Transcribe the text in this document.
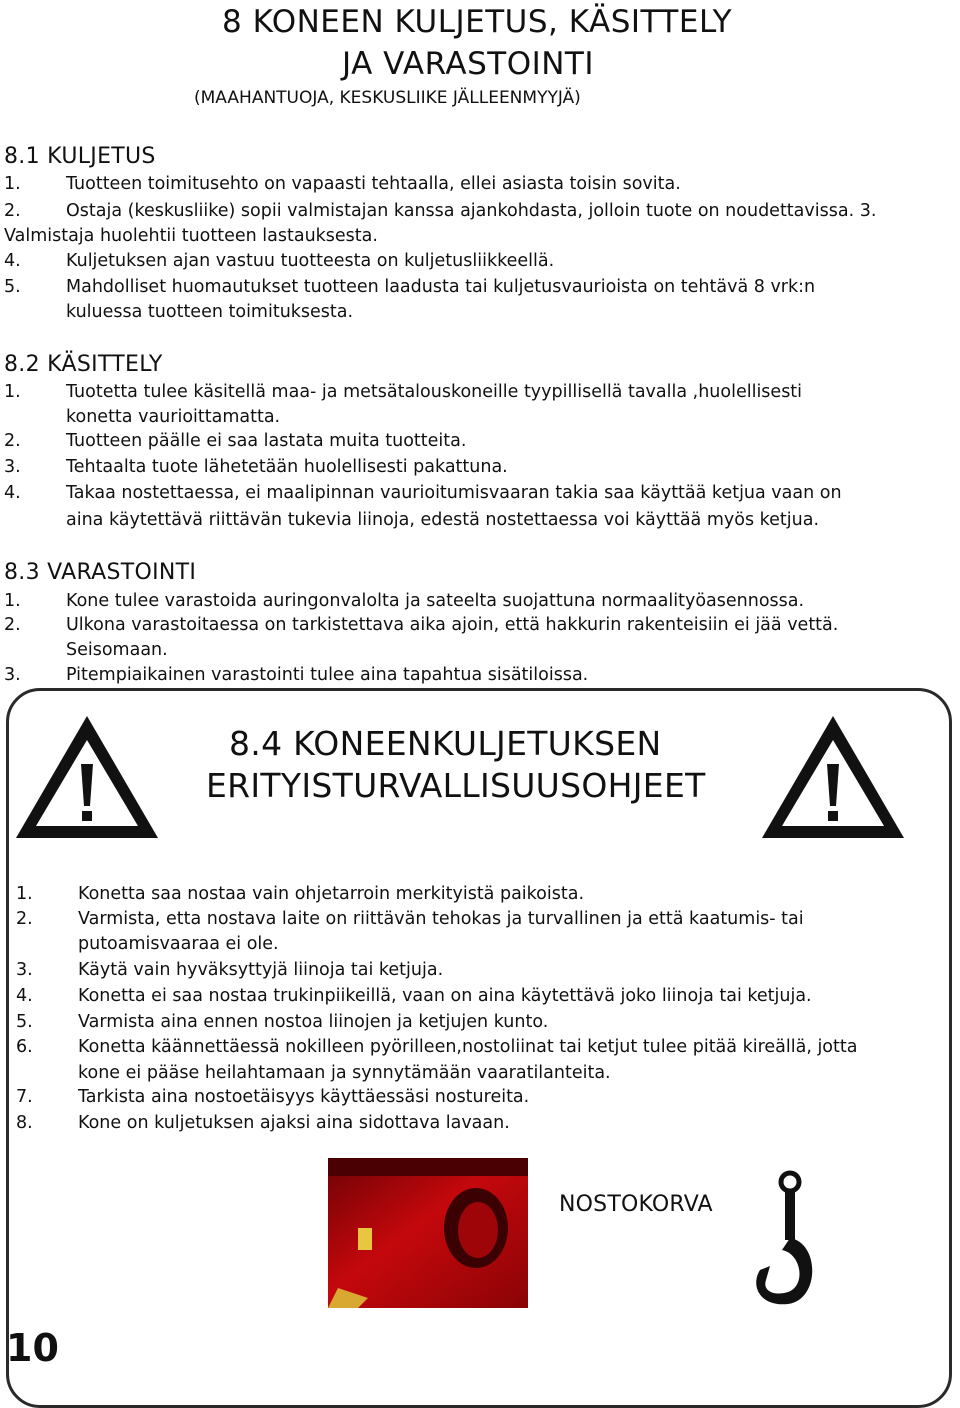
8 KONEEN KULJETUS, KÄSITTELY
JA VARASTOINTI
(MAAHANTUOJA, KESKUSLIIKE JÄLLEENMYYJÄ)
8.1 KULJETUS
1.	Tuotteen toimitusehto on vapaasti tehtaalla, ellei asiasta toisin sovita.
2.	Ostaja (keskusliike) sopii valmistajan kanssa ajankohdasta, jolloin tuote on noudettavissa. 3.
Valmistaja huolehtii tuotteen lastauksesta.
4.	Kuljetuksen ajan vastuu tuotteesta on kuljetusliikkeellä.
5.	Mahdolliset huomautukset tuotteen laadusta tai kuljetusvaurioista on tehtävä 8 vrk:n
kuluessa tuotteen toimituksesta.
8.2 KÄSITTELY
1.	Tuotetta tulee käsitellä maa- ja metsätalouskoneille tyypillisellä tavalla ,huolellisesti
konetta vaurioittamatta.
2.	Tuotteen päälle ei saa lastata muita tuotteita.
3.	Tehtaalta tuote lähetetään huolellisesti pakattuna.
4.	Takaa nostettaessa, ei maalipinnan vaurioitumisvaaran takia saa käyttää ketjua vaan on
aina käytettävä riittävän tukevia liinoja, edestä nostettaessa voi käyttää myös ketjua.
8.3 VARASTOINTI
1.	Kone tulee varastoida auringonvalolta ja sateelta suojattuna normaalityöasennossa.
2.	Ulkona varastoitaessa on tarkistettava aika ajoin, että hakkurin rakenteisiin ei jää vettä.
Seisomaan.
3.	Pitempiaikainen varastointi tulee aina tapahtua sisätiloissa.
8.4 KONEENKULJETUKSEN
ERITYISTURVALLISUUSOHJEET
1.	Konetta saa nostaa vain ohjetarroin merkityistä paikoista.
2.	Varmista, etta nostava laite on riittävän tehokas ja turvallinen ja että kaatumis- tai
putoamisvaaraa ei ole.
3.	Käytä vain hyväksyttyjä liinoja tai ketjuja.
4.	Konetta ei saa nostaa trukinpiikeillä, vaan on aina käytettävä joko liinoja tai ketjuja.
5.	Varmista aina ennen nostoa liinojen ja ketjujen kunto.
6.	Konetta käännettäessä nokilleen pyörilleen,nostoliinat tai ketjut tulee pitää kireällä, jotta
kone ei pääse heilahtamaan ja synnytämään vaaratilanteita.
7.	Tarkista aina nostoetäisyys käyttäessäsi nostureita.
8.	Kone on kuljetuksen ajaksi aina sidottava lavaan.
NOSTOKORVA
10
